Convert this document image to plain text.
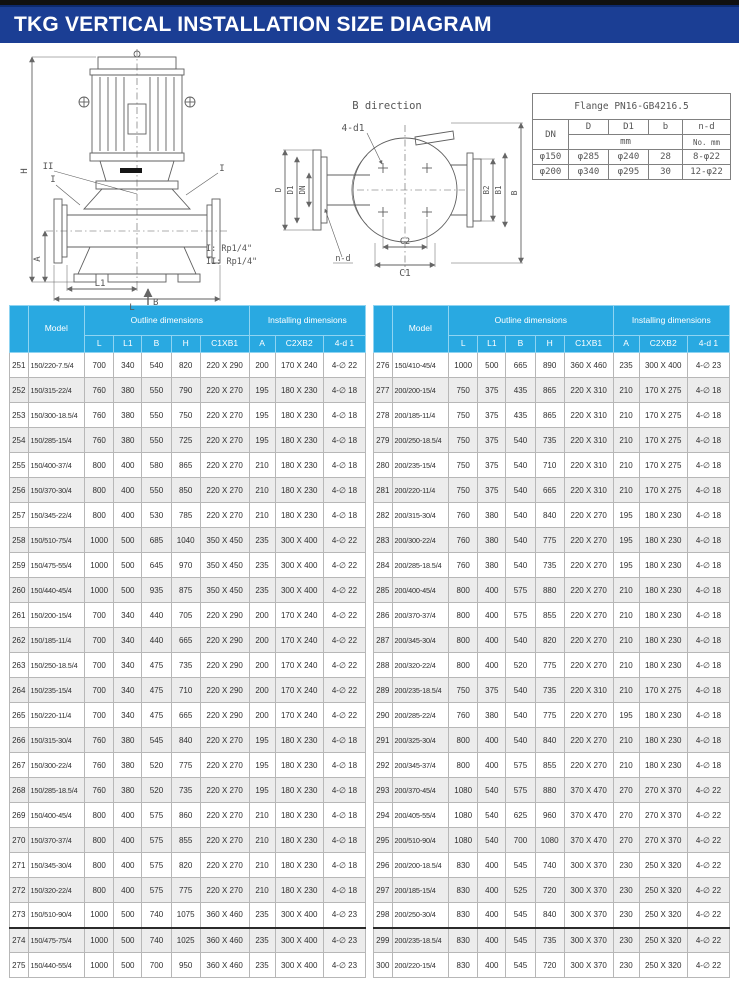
TKG VERTICAL INSTALLATION SIZE DIAGRAM
H
A
L1
L B
II
I
I
I: Rp1/4"
II: Rp1/4"
B direction
4-d1
D D1 DN
n-d
C2
C1
B2 B1 B
Flange PN16-GB4216.5				
DN	D	D1	b	n-d
	mm			No. mm
φ150	φ285	φ240	28	8-φ22
φ200	φ340	φ295	30	12-φ22
	Model	Outline dimensions					Installing dimensions		
		L	L1	B	H	C1XB1	A	C2XB2	4-d 1
251	150/220-7.5/4	700	340	540	820	220 X 290	200	170 X 240	4-∅ 22
252	150/315-22/4	760	380	550	790	220 X 270	195	180 X 230	4-∅ 18
253	150/300-18.5/4	760	380	550	750	220 X 270	195	180 X 230	4-∅ 18
254	150/285-15/4	760	380	550	725	220 X 270	195	180 X 230	4-∅ 18
255	150/400-37/4	800	400	580	865	220 X 270	210	180 X 230	4-∅ 18
256	150/370-30/4	800	400	550	850	220 X 270	210	180 X 230	4-∅ 18
257	150/345-22/4	800	400	530	785	220 X 270	210	180 X 230	4-∅ 18
258	150/510-75/4	1000	500	685	1040	350 X 450	235	300 X 400	4-∅ 22
259	150/475-55/4	1000	500	645	970	350 X 450	235	300 X 400	4-∅ 22
260	150/440-45/4	1000	500	935	875	350 X 450	235	300 X 400	4-∅ 22
261	150/200-15/4	700	340	440	705	220 X 290	200	170 X 240	4-∅ 22
262	150/185-11/4	700	340	440	665	220 X 290	200	170 X 240	4-∅ 22
263	150/250-18.5/4	700	340	475	735	220 X 290	200	170 X 240	4-∅ 22
264	150/235-15/4	700	340	475	710	220 X 290	200	170 X 240	4-∅ 22
265	150/220-11/4	700	340	475	665	220 X 290	200	170 X 240	4-∅ 22
266	150/315-30/4	760	380	545	840	220 X 270	195	180 X 230	4-∅ 18
267	150/300-22/4	760	380	520	775	220 X 270	195	180 X 230	4-∅ 18
268	150/285-18.5/4	760	380	520	735	220 X 270	195	180 X 230	4-∅ 18
269	150/400-45/4	800	400	575	860	220 X 270	210	180 X 230	4-∅ 18
270	150/370-37/4	800	400	575	855	220 X 270	210	180 X 230	4-∅ 18
271	150/345-30/4	800	400	575	820	220 X 270	210	180 X 230	4-∅ 18
272	150/320-22/4	800	400	575	775	220 X 270	210	180 X 230	4-∅ 18
273	150/510-90/4	1000	500	740	1075	360 X 460	235	300 X 400	4-∅ 23
274	150/475-75/4	1000	500	740	1025	360 X 460	235	300 X 400	4-∅ 23
275	150/440-55/4	1000	500	700	950	360 X 460	235	300 X 400	4-∅ 23
	Model	Outline dimensions					Installing dimensions		
		L	L1	B	H	C1XB1	A	C2XB2	4-d 1
276	150/410-45/4	1000	500	665	890	360 X 460	235	300 X 400	4-∅ 23
277	200/200-15/4	750	375	435	865	220 X 310	210	170 X 275	4-∅ 18
278	200/185-11/4	750	375	435	865	220 X 310	210	170 X 275	4-∅ 18
279	200/250-18.5/4	750	375	540	735	220 X 310	210	170 X 275	4-∅ 18
280	200/235-15/4	750	375	540	710	220 X 310	210	170 X 275	4-∅ 18
281	200/220-11/4	750	375	540	665	220 X 310	210	170 X 275	4-∅ 18
282	200/315-30/4	760	380	540	840	220 X 270	195	180 X 230	4-∅ 18
283	200/300-22/4	760	380	540	775	220 X 270	195	180 X 230	4-∅ 18
284	200/285-18.5/4	760	380	540	735	220 X 270	195	180 X 230	4-∅ 18
285	200/400-45/4	800	400	575	880	220 X 270	210	180 X 230	4-∅ 18
286	200/370-37/4	800	400	575	855	220 X 270	210	180 X 230	4-∅ 18
287	200/345-30/4	800	400	540	820	220 X 270	210	180 X 230	4-∅ 18
288	200/320-22/4	800	400	520	775	220 X 270	210	180 X 230	4-∅ 18
289	200/235-18.5/4	750	375	540	735	220 X 310	210	170 X 275	4-∅ 18
290	200/285-22/4	760	380	540	775	220 X 270	195	180 X 230	4-∅ 18
291	200/325-30/4	800	400	540	840	220 X 270	210	180 X 230	4-∅ 18
292	200/345-37/4	800	400	575	855	220 X 270	210	180 X 230	4-∅ 18
293	200/370-45/4	1080	540	575	880	370 X 470	270	270 X 370	4-∅ 22
294	200/405-55/4	1080	540	625	960	370 X 470	270	270 X 370	4-∅ 22
295	200/510-90/4	1080	540	700	1080	370 X 470	270	270 X 370	4-∅ 22
296	200/200-18.5/4	830	400	545	740	300 X 370	230	250 X 320	4-∅ 22
297	200/185-15/4	830	400	525	720	300 X 370	230	250 X 320	4-∅ 22
298	200/250-30/4	830	400	545	840	300 X 370	230	250 X 320	4-∅ 22
299	200/235-18.5/4	830	400	545	735	300 X 370	230	250 X 320	4-∅ 22
300	200/220-15/4	830	400	545	720	300 X 370	230	250 X 320	4-∅ 22
